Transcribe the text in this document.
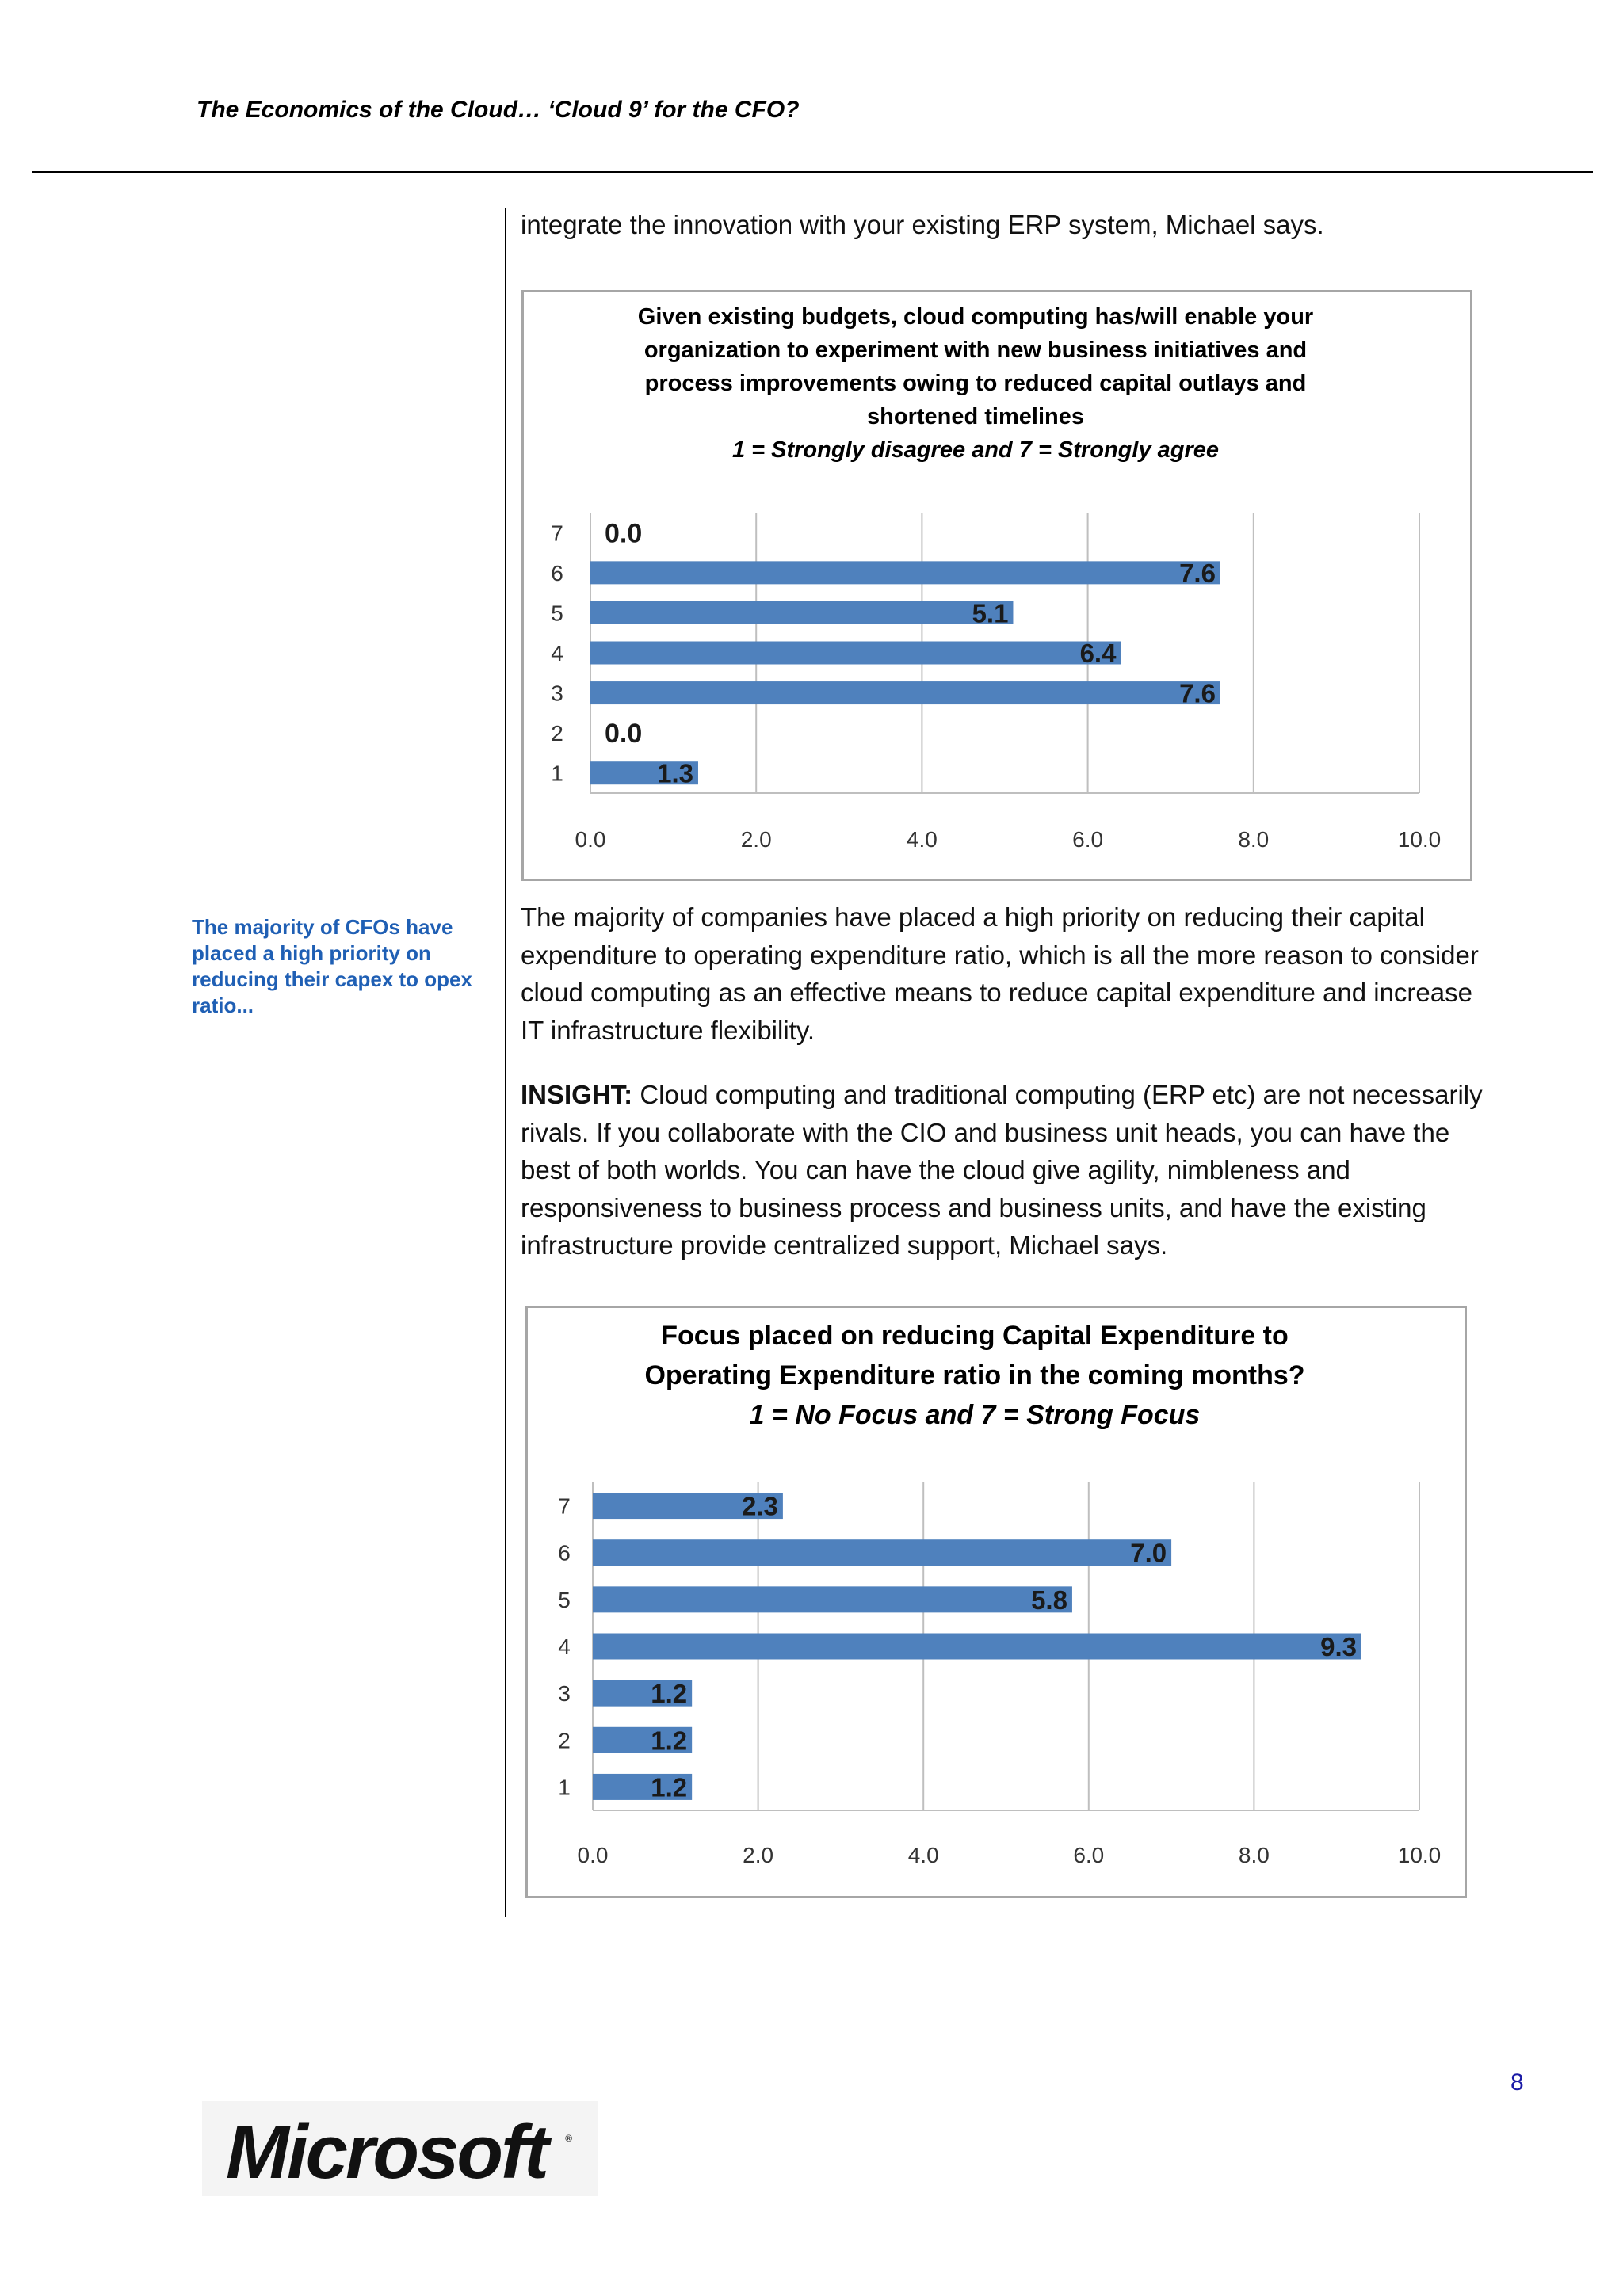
The Economics of the Cloud… ‘Cloud 9’ for the CFO?
integrate the innovation with your existing ERP system, Michael says.
Given existing budgets, cloud computing has/will enable your
organization to experiment with new business initiatives and
process improvements owing to reduced capital outlays and
shortened timelines
1 = Strongly disagree and 7 = Strongly agree
0.0	2.0	4.0	6.0	8.0	10.0
1	1.3
2 0.0
3	7.6
4	6.4
5	5.1
6	7.6
7 0.0
The majority of CFOs have placed a high priority on reducing their capex to opex ratio...
The majority of companies have placed a high priority on reducing their capital expenditure to operating expenditure ratio, which is all the more reason to consider cloud computing as an effective means to reduce capital expenditure and increase IT infrastructure flexibility.
INSIGHT: Cloud computing and traditional computing (ERP etc) are not necessarily rivals. If you collaborate with the CIO and business unit heads, you can have the best of both worlds. You can have the cloud give agility, nimbleness and responsiveness to business process and business units, and have the existing infrastructure provide centralized support, Michael says.
Focus placed on reducing Capital Expenditure to
Operating Expenditure ratio in the coming months?
1 = No Focus and 7 = Strong Focus
0.0	2.0	4.0	6.0	8.0	10.0
1	1.2
2	1.2
3	1.2
4	9.3
5	5.8
6	7.0
7	2.3
8
Microsoft ®
